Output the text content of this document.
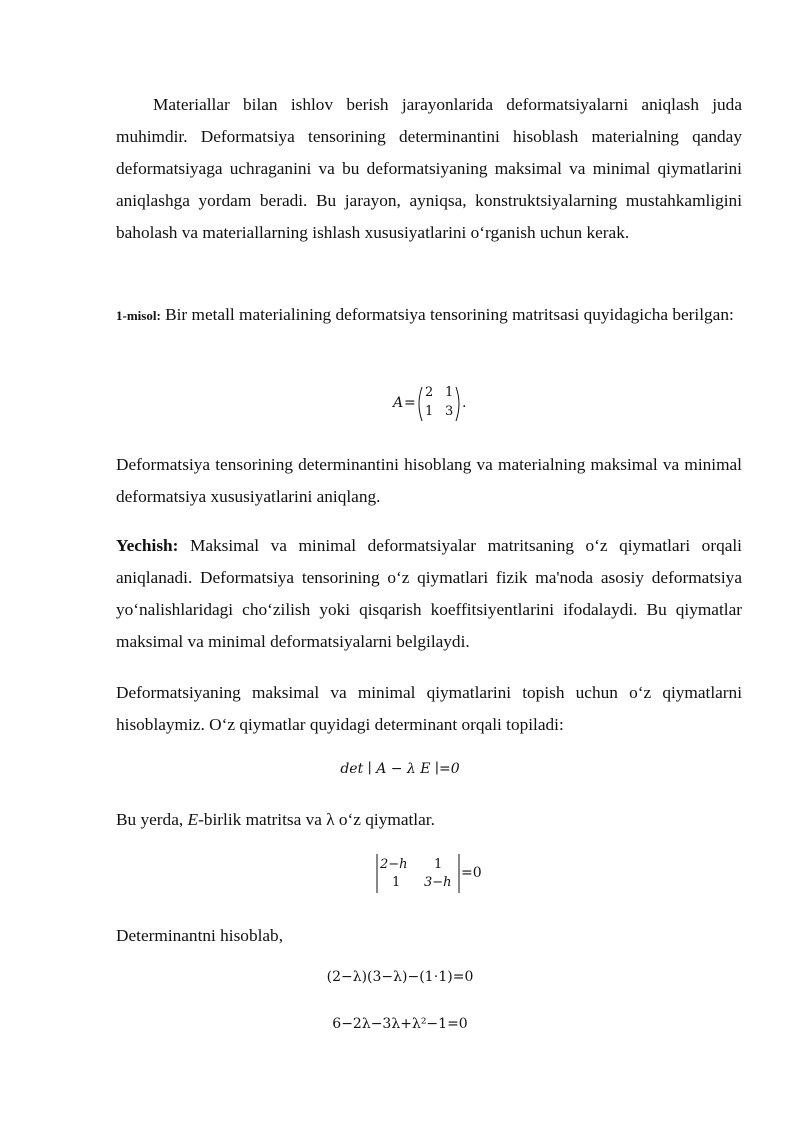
Materiallar bilan ishlov berish jarayonlarida deformatsiyalarni aniqlash juda muhimdir. Deformatsiya tensorining determinantini hisoblash materialning qanday deformatsiyaga uchraganini va bu deformatsiyaning maksimal va minimal qiymatlarini aniqlashga yordam beradi. Bu jarayon, ayniqsa, konstruktsiyalarning mustahkamligini baholash va materiallarning ishlash xususiyatlarini o‘rganish uchun kerak.
1-misol: Bir metall materialining deformatsiya tensorining matritsasi quyidagicha berilgan:
A =
2 1
1 3
.
Deformatsiya tensorining determinantini hisoblang va materialning maksimal va minimal deformatsiya xususiyatlarini aniqlang.
Yechish: Maksimal va minimal deformatsiyalar matritsaning o‘z qiymatlari orqali aniqlanadi. Deformatsiya tensorining o‘z qiymatlari fizik ma'noda asosiy deformatsiya yo‘nalishlaridagi cho‘zilish yoki qisqarish koeffitsiyentlarini ifodalaydi. Bu qiymatlar maksimal va minimal deformatsiyalarni belgilaydi.
Deformatsiyaning maksimal va minimal qiymatlarini topish uchun o‘z qiymatlarni hisoblaymiz. O‘z qiymatlar quyidagi determinant orqali topiladi:
det ∣ A − λ E ∣=0
Bu yerda, E-birlik matritsa va λ o‘z qiymatlar.
2−h 1
1 3−h
=0
Determinantni hisoblab,
(2−λ)(3−λ)−(1⋅1)=0
6−2λ−3λ+λ²−1=0
